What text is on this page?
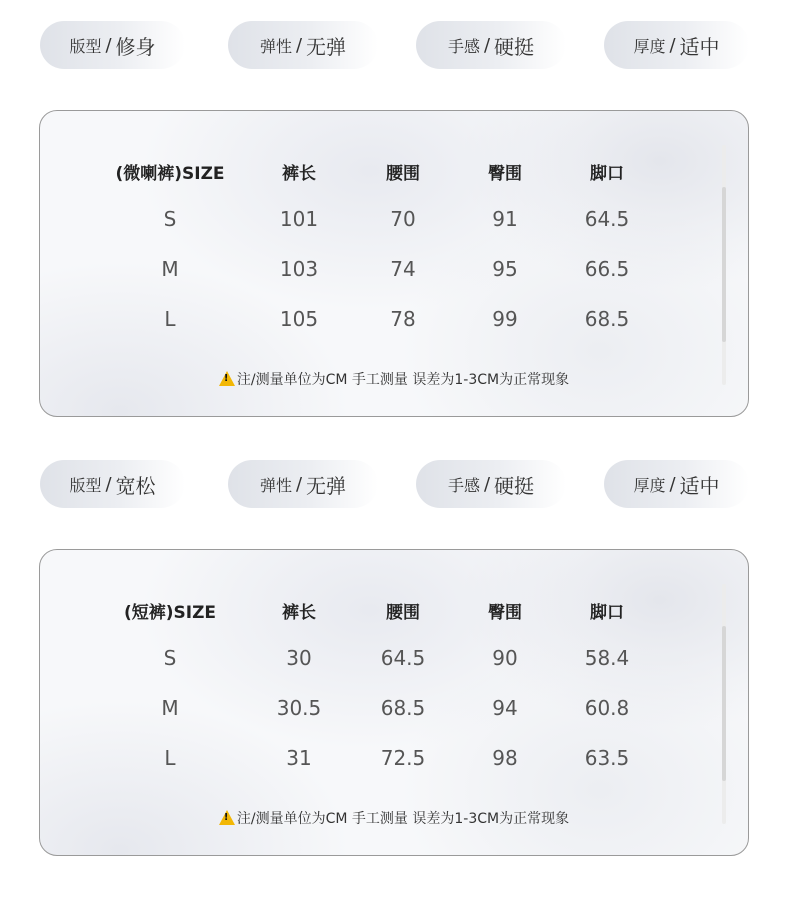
版型 / 修身	弹性 / 无弹	手感 / 硬挺	厚度 / 适中
(微喇裤)SIZE	裤长	腰围	臀围	脚口
S	101	70	91	64.5
M	103	74	95	66.5
L	105	78	99	68.5
!注/测量单位为CM 手工测量 误差为1-3CM为正常现象
版型 / 宽松	弹性 / 无弹	手感 / 硬挺	厚度 / 适中
(短裤)SIZE	裤长	腰围	臀围	脚口
S	30	64.5	90	58.4
M	30.5	68.5	94	60.8
L	31	72.5	98	63.5
!注/测量单位为CM 手工测量 误差为1-3CM为正常现象
